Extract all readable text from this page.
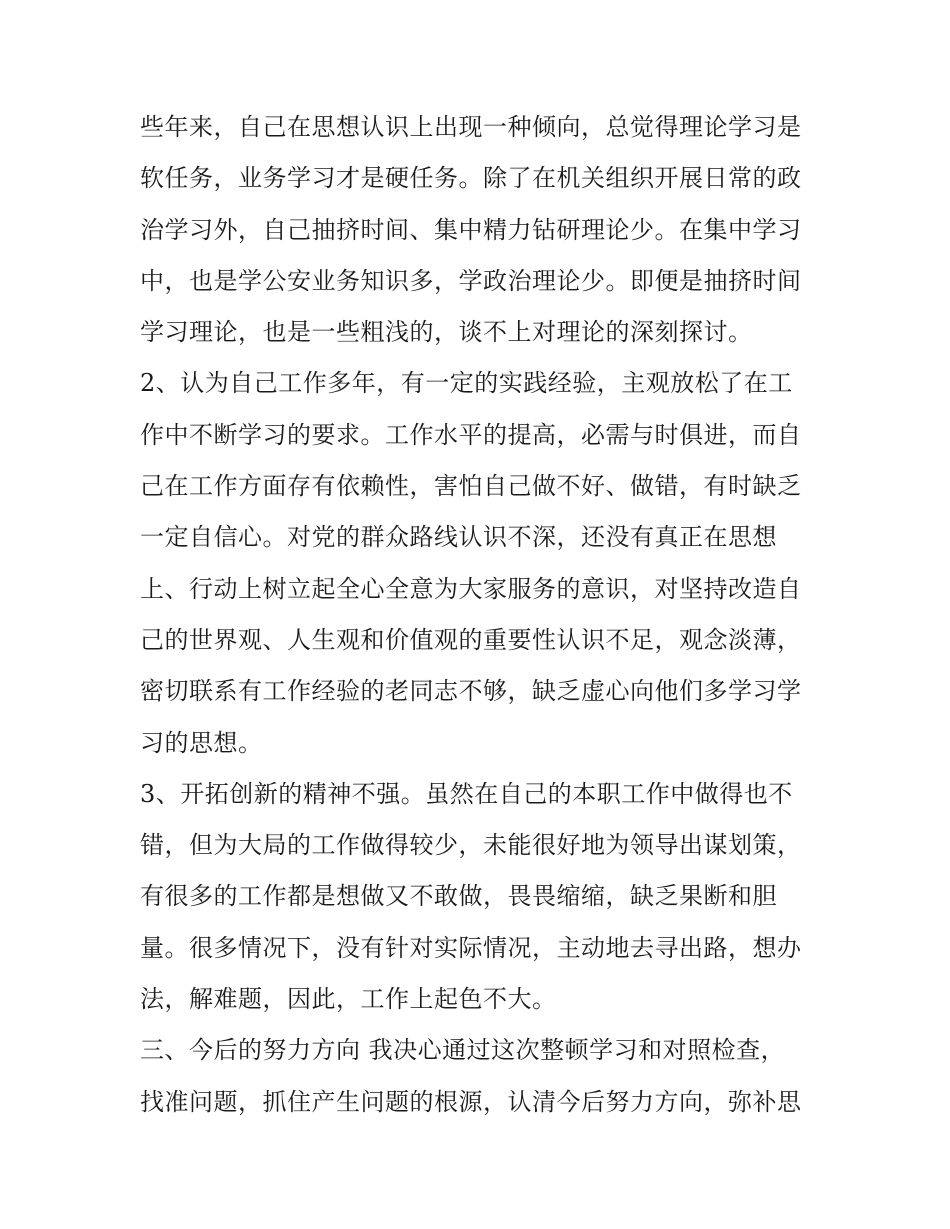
些年来，自己在思想认识上出现一种倾向，总觉得理论学习是
软任务，业务学习才是硬任务。除了在机关组织开展日常的政
治学习外，自己抽挤时间、集中精力钻研理论少。在集中学习
中，也是学公安业务知识多，学政治理论少。即便是抽挤时间
学习理论，也是一些粗浅的，谈不上对理论的深刻探讨。
2、认为自己工作多年，有一定的实践经验，主观放松了在工
作中不断学习的要求。工作水平的提高，必需与时俱进，而自
己在工作方面存有依赖性，害怕自己做不好、做错，有时缺乏
一定自信心。对党的群众路线认识不深，还没有真正在思想
上、行动上树立起全心全意为大家服务的意识，对坚持改造自
己的世界观、人生观和价值观的重要性认识不足，观念淡薄，
密切联系有工作经验的老同志不够，缺乏虚心向他们多学习学
习的思想。
3、开拓创新的精神不强。虽然在自己的本职工作中做得也不
错，但为大局的工作做得较少，未能很好地为领导出谋划策，
有很多的工作都是想做又不敢做，畏畏缩缩，缺乏果断和胆
量。很多情况下，没有针对实际情况，主动地去寻出路，想办
法，解难题，因此，工作上起色不大。
三、今后的努力方向 我决心通过这次整顿学习和对照检查，
找准问题，抓住产生问题的根源，认清今后努力方向，弥补思
